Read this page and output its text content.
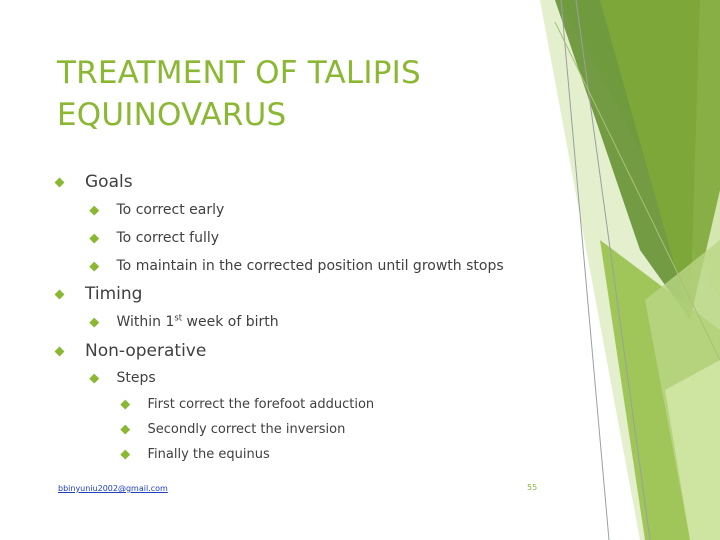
TREATMENT OF TALIPIS EQUINOVARUS
Goals
To correct early
To correct fully
To maintain in the corrected position until growth stops
Timing
Within 1st week of birth
Non-operative
Steps
First correct the forefoot adduction
Secondly correct the inversion
Finally the equinus
bbinyuniu2002@gmail.com	55
